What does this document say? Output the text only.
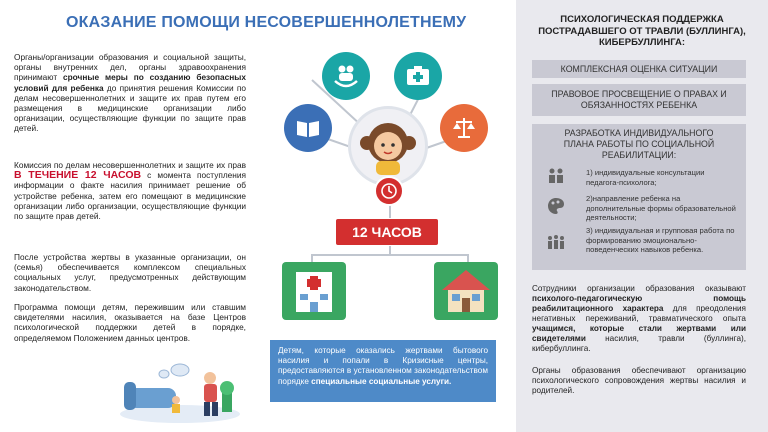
ОКАЗАНИЕ ПОМОЩИ НЕСОВЕРШЕННОЛЕТНЕМУ
Органы/организации образования и социальной защиты, органы внутренних дел, органы здравоохранения принимают срочные меры по созданию безопасных условий для ребенка до принятия решения Комиссии по делам несовершеннолетних и защите их прав путем его размещения в медицинские организации либо организации, осуществляющие функции по защите прав детей.
Комиссия по делам несовершеннолетних и защите их прав В ТЕЧЕНИЕ 12 ЧАСОВ с момента поступления информации о факте насилия принимает решение об устройстве ребенка, затем его помещают в медицинские организации либо организации, осуществляющие функции по защите прав детей.
После устройства жертвы в указанные организации, он (семья) обеспечивается комплексом специальных социальных услуг, предусмотренных действующим законодательством.
Программа помощи детям, пережившим или ставшим свидетелями насилия, оказывается на базе Центров психологической поддержки детей в порядке, определяемом Положением данных центров.
12 ЧАСОВ
Детям, которые оказались жертвами бытового насилия и попали в Кризисные центры, предоставляются в установленном законодательством порядке специальные социальные услуги.
ПСИХОЛОГИЧЕСКАЯ ПОДДЕРЖКА ПОСТРАДАВШЕГО ОТ ТРАВЛИ (БУЛЛИНГА), КИБЕРБУЛЛИНГА:
КОМПЛЕКСНАЯ ОЦЕНКА СИТУАЦИИ
ПРАВОВОЕ ПРОСВЕЩЕНИЕ О ПРАВАХ И ОБЯЗАННОСТЯХ РЕБЕНКА
РАЗРАБОТКА ИНДИВИДУАЛЬНОГО ПЛАНА РАБОТЫ ПО СОЦИАЛЬНОЙ РЕАБИЛИТАЦИИ:
1) индивидуальные консультации педагога-психолога;
2)направление ребенка на дополнительные формы образовательной деятельности;
3) индивидуальная и групповая работа по формированию эмоционально-поведенческих навыков ребенка.
Сотрудники организации образования оказывают психолого-педагогическую помощь реабилитационного характера для преодоления негативных переживаний, травматического опыта учащимся, которые стали жертвами или свидетелями насилия, травли (буллинга), кибербуллинга.
Органы образования обеспечивают организацию психологического сопровождения жертвы насилия и родителей.
